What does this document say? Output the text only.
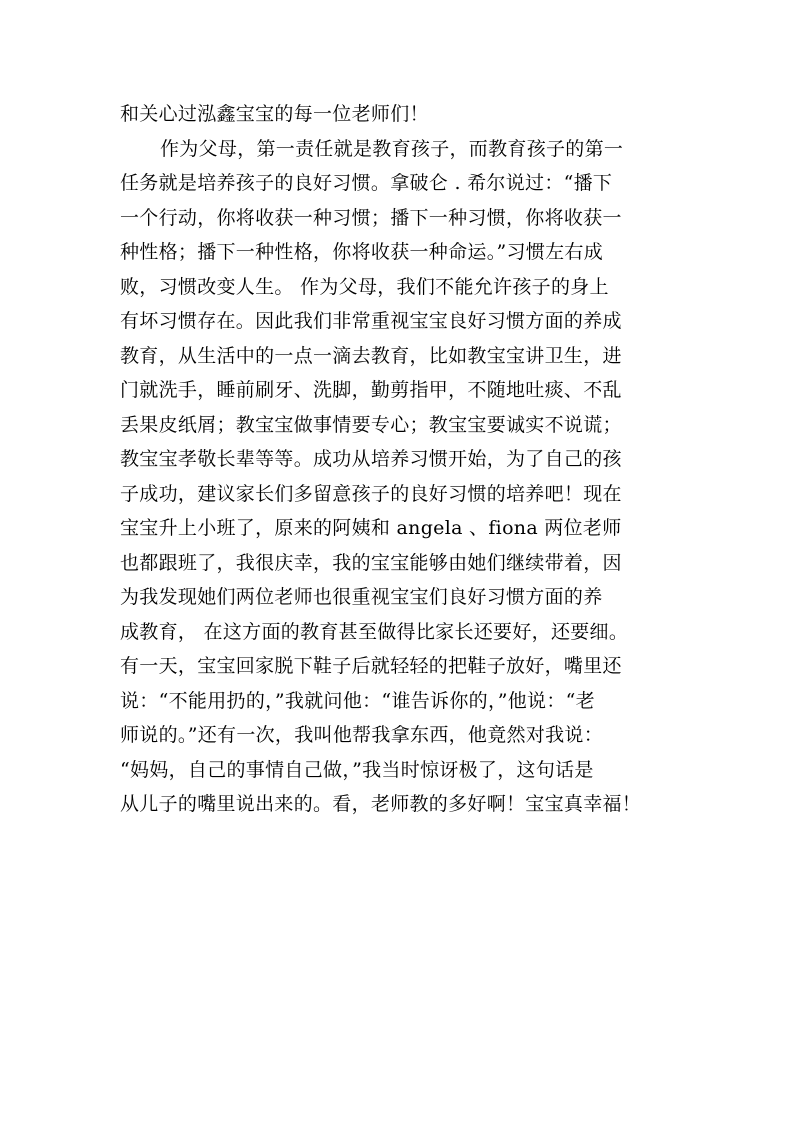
和关心过泓鑫宝宝的每一位老师们！
作为父母，第一责任就是教育孩子，而教育孩子的第一
任务就是培养孩子的良好习惯。拿破仑 . 希尔说过：“播下
一个行动，你将收获一种习惯；播下一种习惯，你将收获一
种性格；播下一种性格，你将收获一种命运。”习惯左右成
败，习惯改变人生。 作为父母，我们不能允许孩子的身上
有坏习惯存在。因此我们非常重视宝宝良好习惯方面的养成
教育，从生活中的一点一滴去教育，比如教宝宝讲卫生，进
门就洗手，睡前刷牙、洗脚，勤剪指甲，不随地吐痰、不乱
丢果皮纸屑；教宝宝做事情要专心；教宝宝要诚实不说谎；
教宝宝孝敬长辈等等。成功从培养习惯开始，为了自己的孩
子成功，建议家长们多留意孩子的良好习惯的培养吧！现在
宝宝升上小班了，原来的阿姨和 angela 、fiona 两位老师
也都跟班了，我很庆幸，我的宝宝能够由她们继续带着，因
为我发现她们两位老师也很重视宝宝们良好习惯方面的养
成教育， 在这方面的教育甚至做得比家长还要好，还要细。
有一天，宝宝回家脱下鞋子后就轻轻的把鞋子放好，嘴里还
说：“不能用扔的，”我就问他：“谁告诉你的，”他说：“老
师说的。”还有一次，我叫他帮我拿东西，他竟然对我说：
“妈妈，自己的事情自己做，”我当时惊讶极了，这句话是
从儿子的嘴里说出来的。看，老师教的多好啊！宝宝真幸福！
